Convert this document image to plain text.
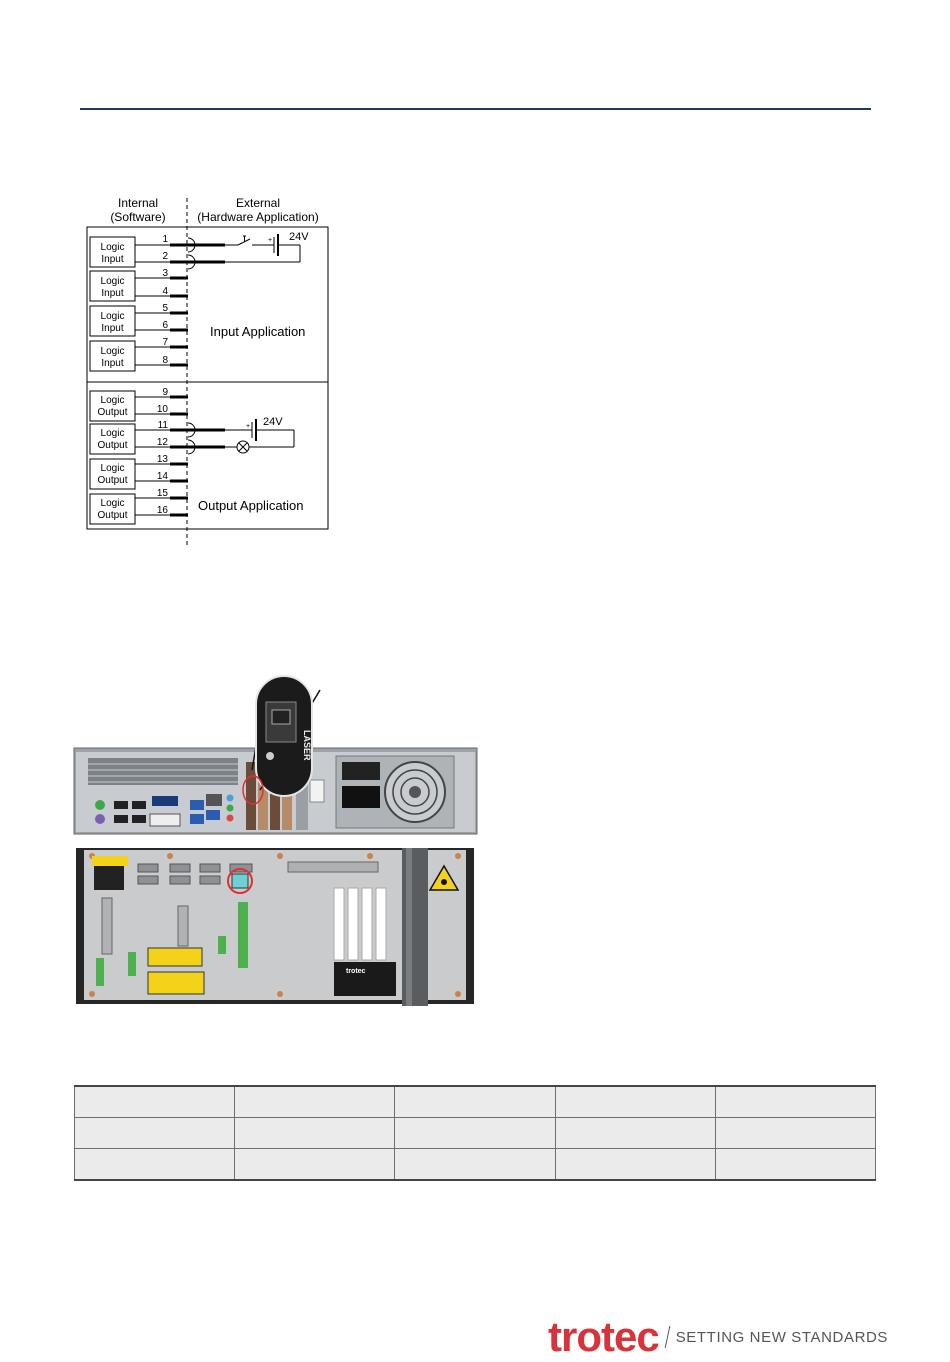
Internal
(Software)
External
(Hardware Application)
Logic
Input
Logic
Input
Logic
Input
Logic
Input
Logic
Output
Logic
Output
Logic
Output
Logic
Output
1
2
3
4
5
6
7
8
9
10
11
12
13
14
15
16
24V
+
24V
+
Input Application
Output Application
LASER
trotec

trotec SETTING NEW STANDARDS
